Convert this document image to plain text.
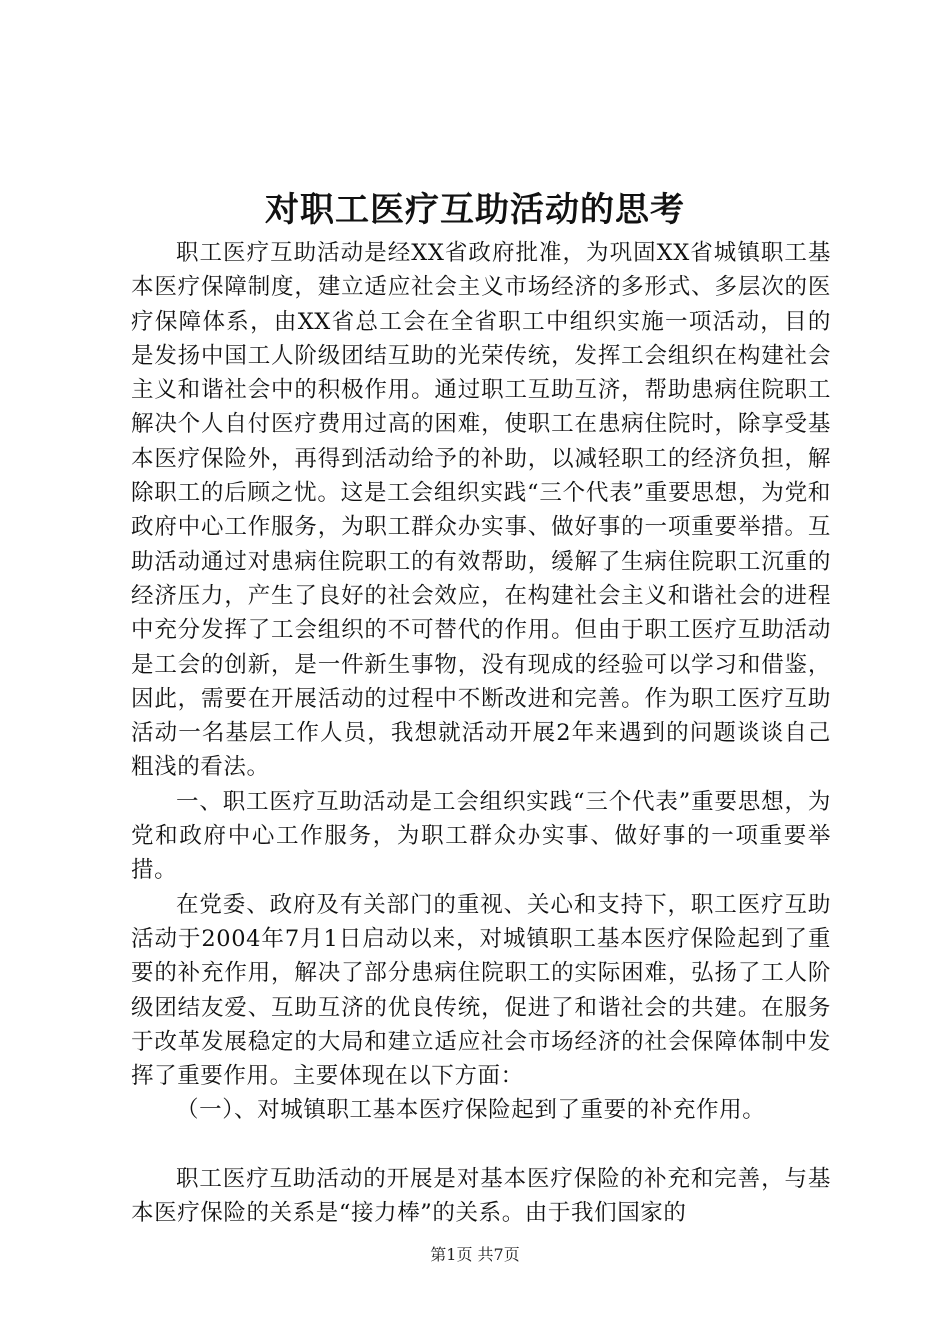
对职工医疗互助活动的思考

职工医疗互助活动是经XX省政府批准，为巩固XX省城镇职工基本医疗保障制度，建立适应社会主义市场经济的多形式、多层次的医疗保障体系，由XX省总工会在全省职工中组织实施一项活动，目的是发扬中国工人阶级团结互助的光荣传统，发挥工会组织在构建社会主义和谐社会中的积极作用。通过职工互助互济，帮助患病住院职工解决个人自付医疗费用过高的困难，使职工在患病住院时，除享受基本医疗保险外，再得到活动给予的补助，以减轻职工的经济负担，解除职工的后顾之忧。这是工会组织实践“三个代表”重要思想，为党和政府中心工作服务，为职工群众办实事、做好事的一项重要举措。互助活动通过对患病住院职工的有效帮助，缓解了生病住院职工沉重的经济压力，产生了良好的社会效应，在构建社会主义和谐社会的进程中充分发挥了工会组织的不可替代的作用。但由于职工医疗互助活动是工会的创新，是一件新生事物，没有现成的经验可以学习和借鉴，因此，需要在开展活动的过程中不断改进和完善。作为职工医疗互助活动一名基层工作人员，我想就活动开展2年来遇到的问题谈谈自己粗浅的看法。

一、职工医疗互助活动是工会组织实践“三个代表”重要思想，为党和政府中心工作服务，为职工群众办实事、做好事的一项重要举措。

在党委、政府及有关部门的重视、关心和支持下，职工医疗互助活动于2004年7月1日启动以来，对城镇职工基本医疗保险起到了重要的补充作用，解决了部分患病住院职工的实际困难，弘扬了工人阶级团结友爱、互助互济的优良传统，促进了和谐社会的共建。在服务于改革发展稳定的大局和建立适应社会市场经济的社会保障体制中发挥了重要作用。主要体现在以下方面：

（一）、对城镇职工基本医疗保险起到了重要的补充作用。

职工医疗互助活动的开展是对基本医疗保险的补充和完善，与基本医疗保险的关系是“接力棒”的关系。由于我们国家的

第1页 共7页
